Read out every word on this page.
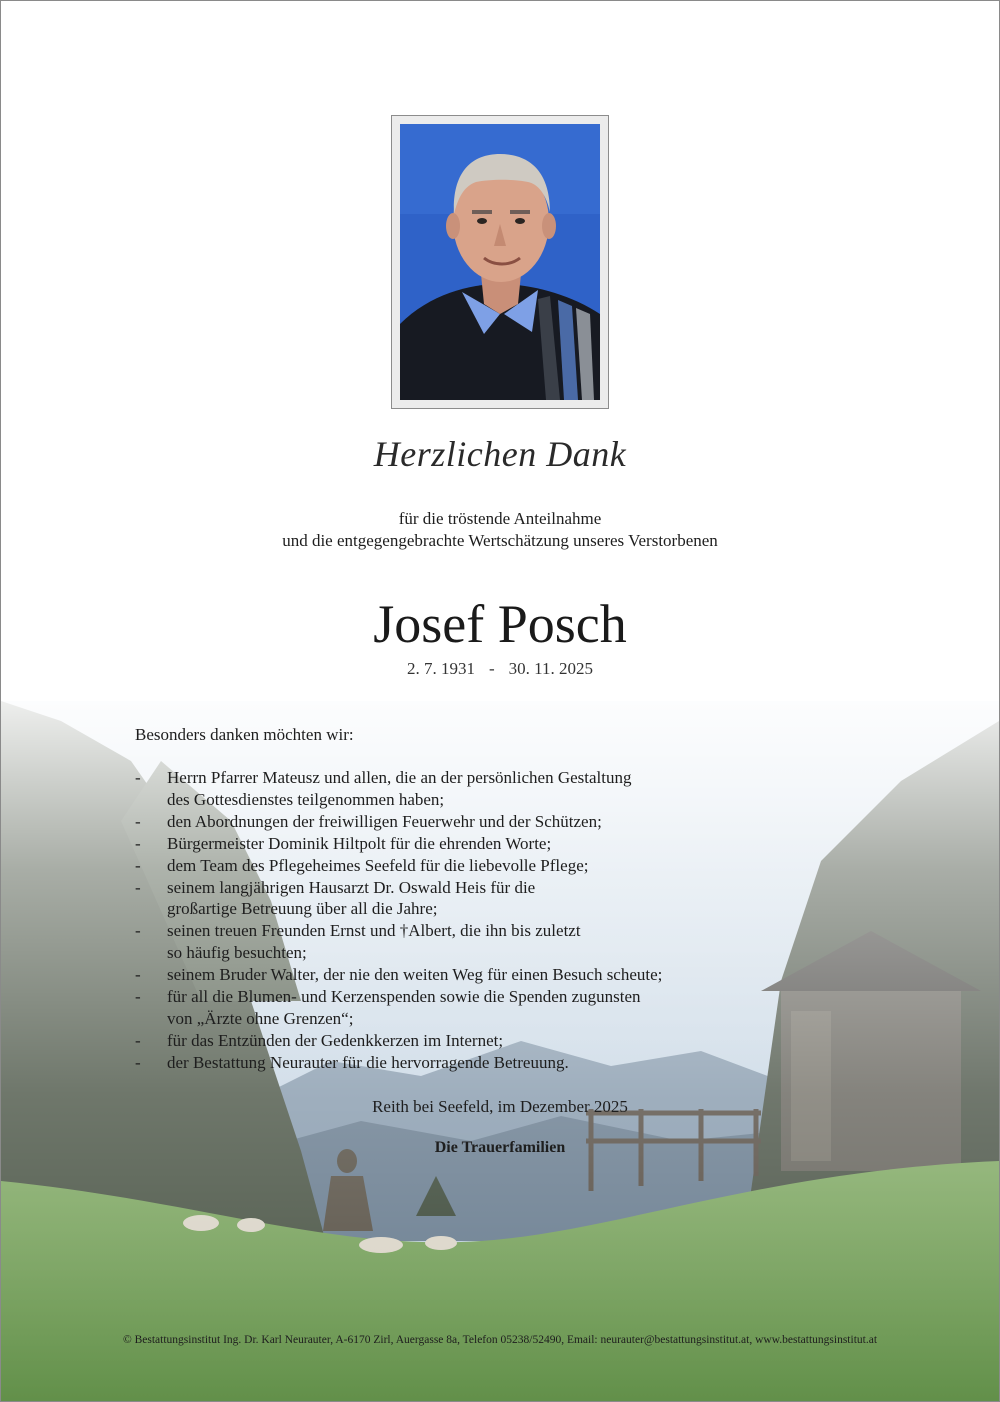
Herzlichen Dank
für die tröstende Anteilnahme
und die entgegengebrachte Wertschätzung unseres Verstorbenen
Josef Posch
2. 7. 1931 - 30. 11. 2025
Besonders danken möchten wir:
- Herrn Pfarrer Mateusz und allen, die an der persönlichen Gestaltung
des Gottesdienstes teilgenommen haben;
- den Abordnungen der freiwilligen Feuerwehr und der Schützen;
- Bürgermeister Dominik Hiltpolt für die ehrenden Worte;
- dem Team des Pflegeheimes Seefeld für die liebevolle Pflege;
- seinem langjährigen Hausarzt Dr. Oswald Heis für die
großartige Betreuung über all die Jahre;
- seinen treuen Freunden Ernst und †Albert, die ihn bis zuletzt
so häufig besuchten;
- seinem Bruder Walter, der nie den weiten Weg für einen Besuch scheute;
- für all die Blumen- und Kerzenspenden sowie die Spenden zugunsten
von „Ärzte ohne Grenzen“;
- für das Entzünden der Gedenkkerzen im Internet;
- der Bestattung Neurauter für die hervorragende Betreuung.
Reith bei Seefeld, im Dezember 2025
Die Trauerfamilien
© Bestattungsinstitut Ing. Dr. Karl Neurauter, A-6170 Zirl, Auergasse 8a, Telefon 05238/52490, Email: neurauter@bestattungsinstitut.at, www.bestattungsinstitut.at
